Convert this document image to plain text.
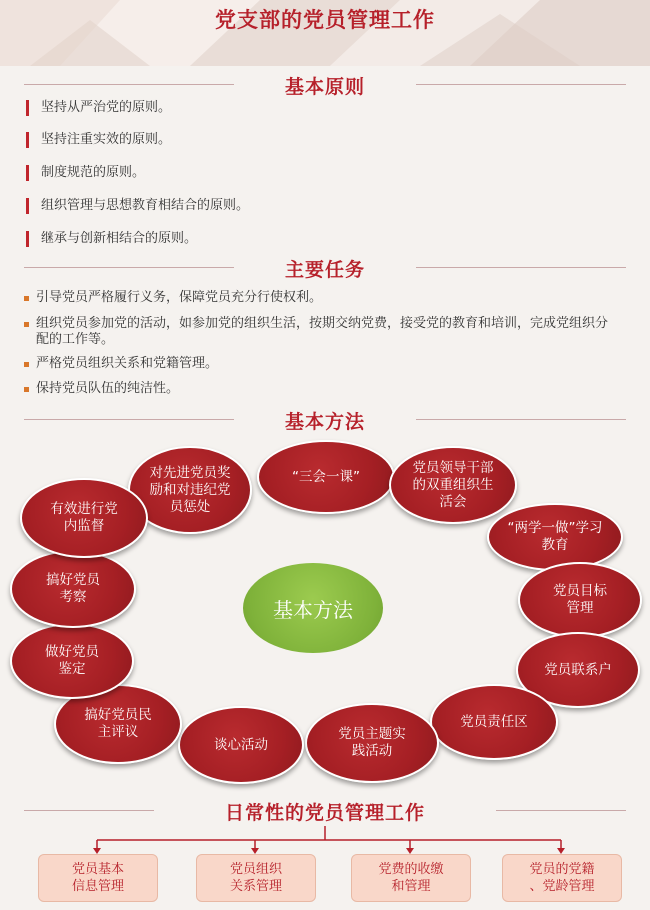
党支部的党员管理工作
基本原则
坚持从严治党的原则。
坚持注重实效的原则。
制度规范的原则。
组织管理与思想教育相结合的原则。
继承与创新相结合的原则。
主要任务
引导党员严格履行义务，保障党员充分行使权利。
组织党员参加党的活动，如参加党的组织生活，按期交纳党费，接受党的教育和培训，完成党组织分配的工作等。
严格党员组织关系和党籍管理。
保持党员队伍的纯洁性。
基本方法
对先进党员奖励和对违纪党员惩处
“三会一课”
党员领导干部的双重组织生活会
“两学一做”学习教育
党员目标管理
党员联系户
党员责任区
党员主题实践活动
谈心活动
搞好党员民主评议
做好党员鉴定
搞好党员考察
有效进行党内监督
基本方法
日常性的党员管理工作
党员基本
信息管理
党员组织
关系管理
党费的收缴
和管理
党员的党籍
、党龄管理
